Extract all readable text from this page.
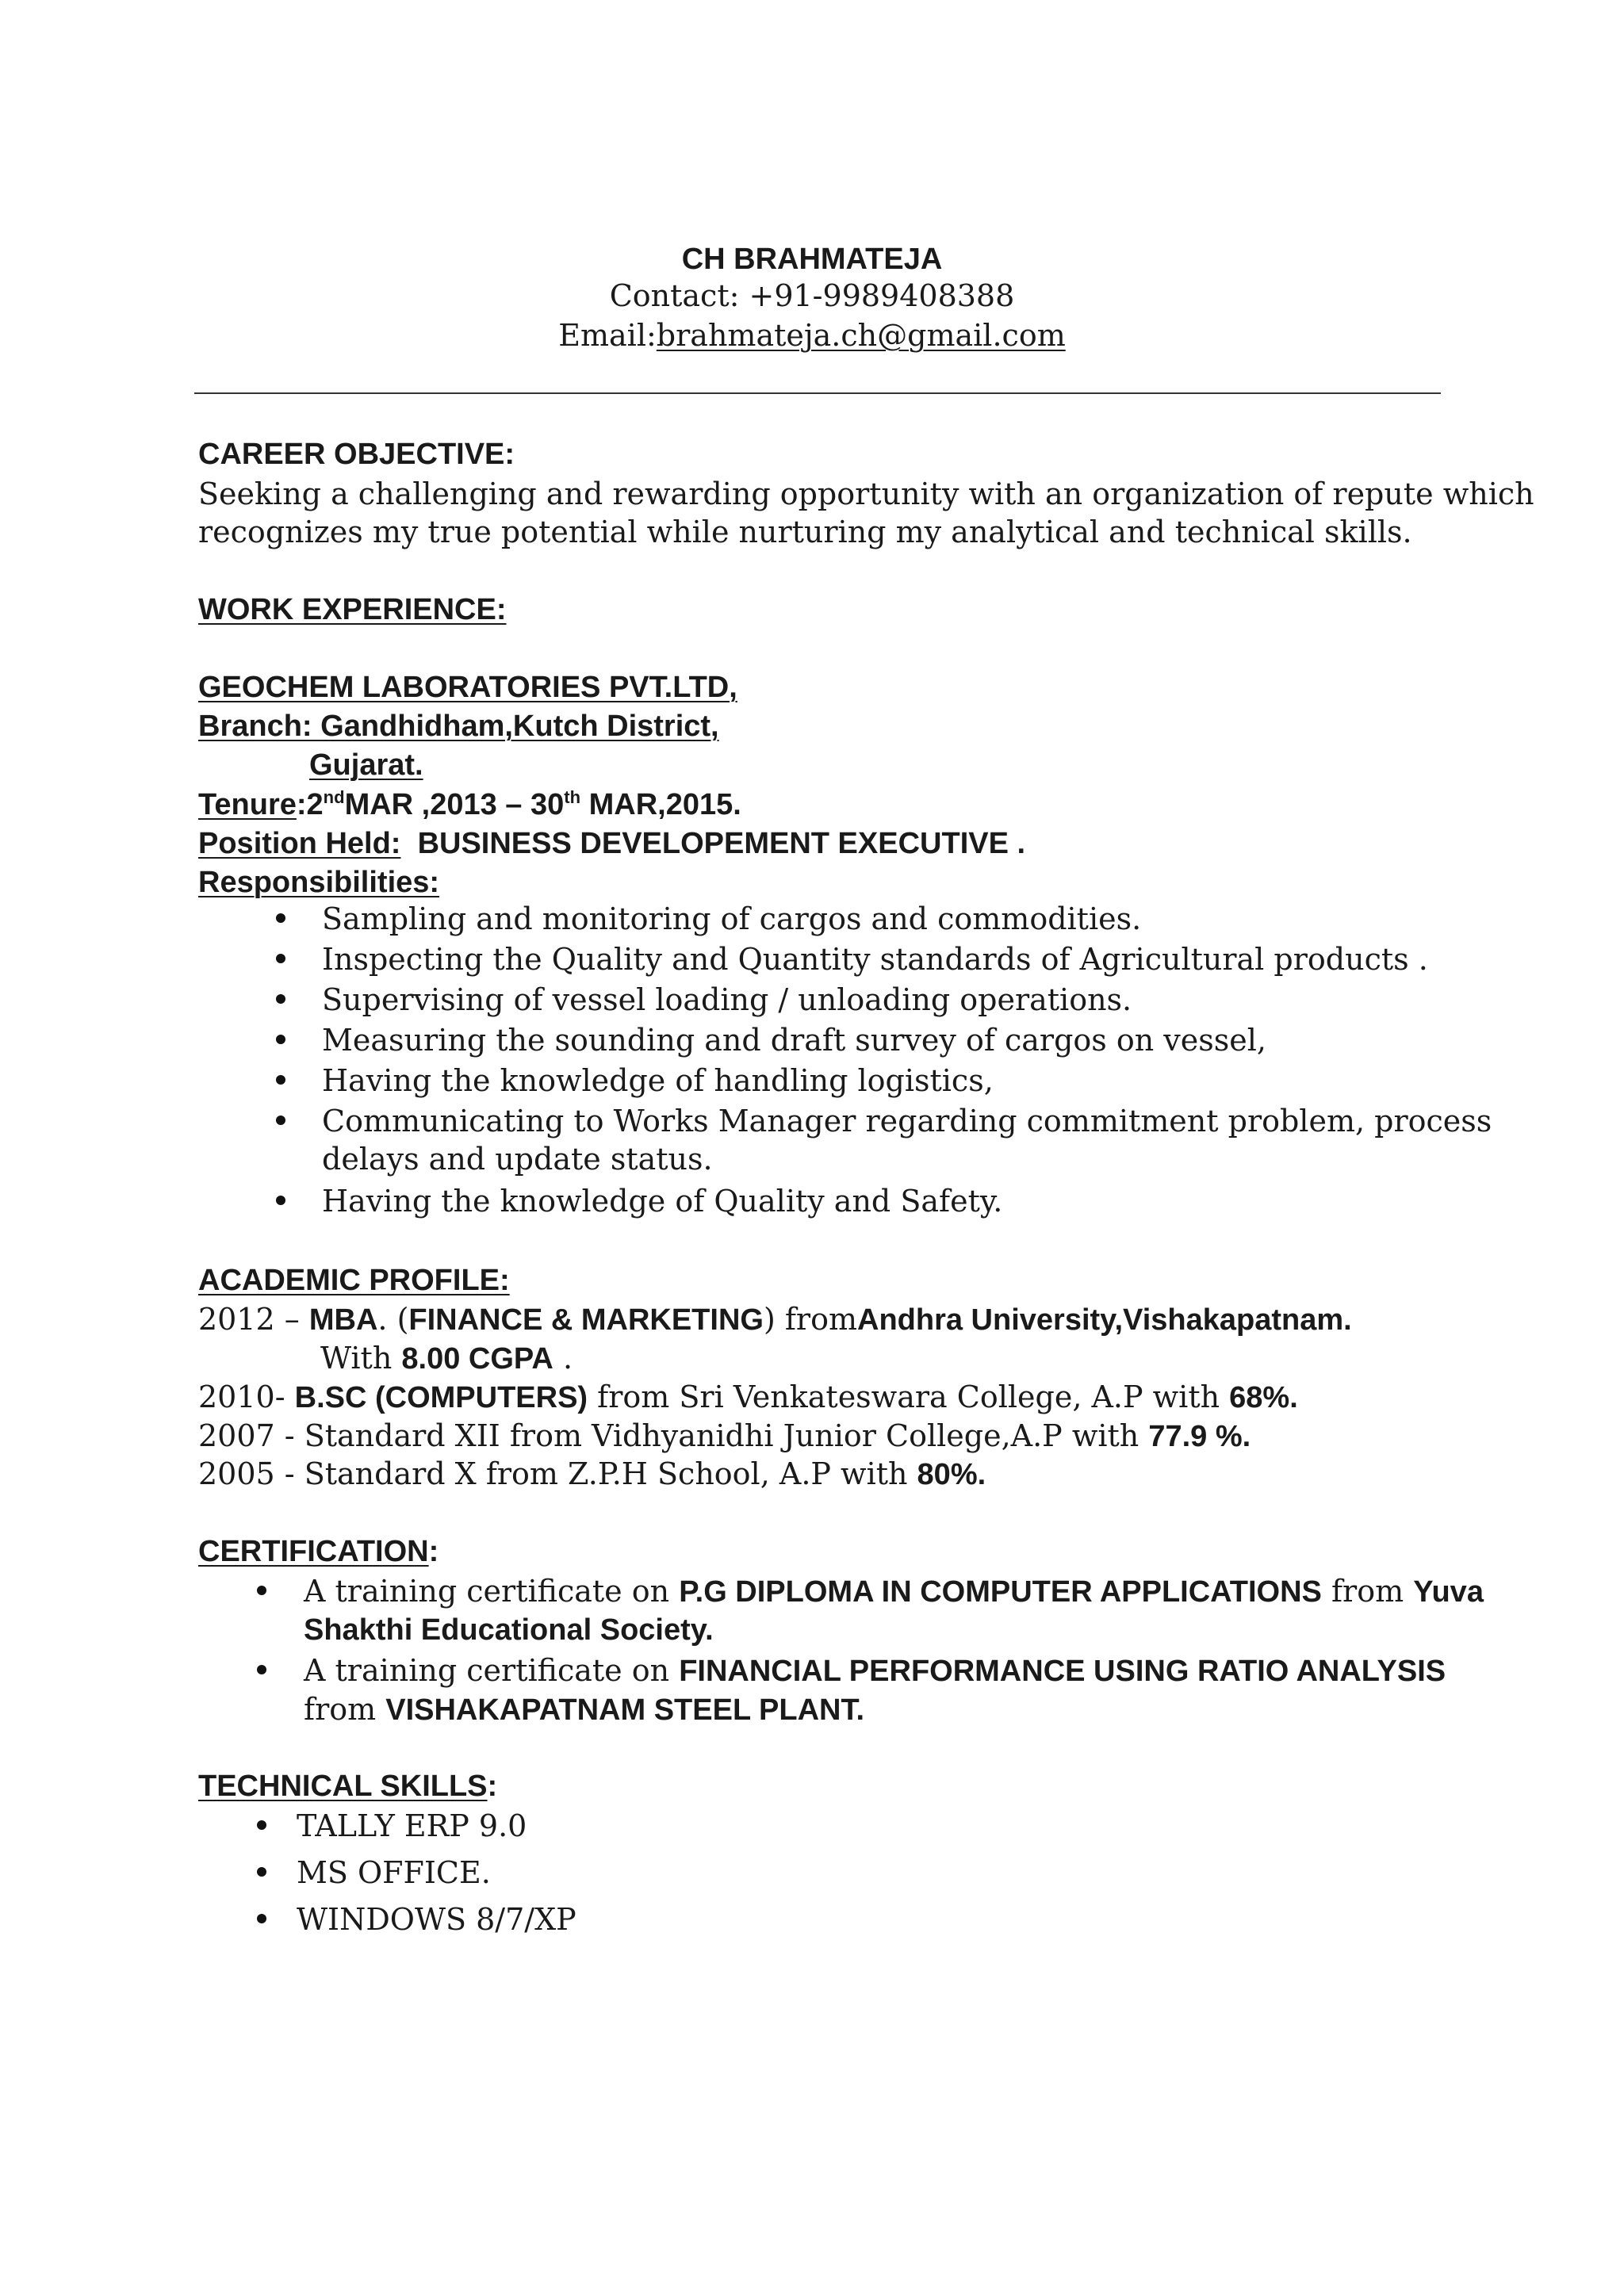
CH BRAHMATEJA
Contact: +91-9989408388
Email:brahmateja.ch@gmail.com
CAREER OBJECTIVE:
Seeking a challenging and rewarding opportunity with an organization of repute which
recognizes my true potential while nurturing my analytical and technical skills.
WORK EXPERIENCE:
GEOCHEM LABORATORIES PVT.LTD,
Branch: Gandhidham,Kutch District,
Gujarat.
Tenure:2ndMAR ,2013 – 30th MAR,2015.
Position Held: BUSINESS DEVELOPEMENT EXECUTIVE .
Responsibilities:
Sampling and monitoring of cargos and commodities.
Inspecting the Quality and Quantity standards of Agricultural products .
Supervising of vessel loading / unloading operations.
Measuring the sounding and draft survey of cargos on vessel,
Having the knowledge of handling logistics,
Communicating to Works Manager regarding commitment problem, process
delays and update status.
Having the knowledge of Quality and Safety.
ACADEMIC PROFILE:
2012 – MBA. (FINANCE & MARKETING) fromAndhra University,Vishakapatnam.
With 8.00 CGPA .
2010- B.SC (COMPUTERS) from Sri Venkateswara College, A.P with 68%.
2007 - Standard XII from Vidhyanidhi Junior College,A.P with 77.9 %.
2005 - Standard X from Z.P.H School, A.P with 80%.
CERTIFICATION:
A training certificate on P.G DIPLOMA IN COMPUTER APPLICATIONS from Yuva
Shakthi Educational Society.
A training certificate on FINANCIAL PERFORMANCE USING RATIO ANALYSIS
from VISHAKAPATNAM STEEL PLANT.
TECHNICAL SKILLS:
TALLY ERP 9.0
MS OFFICE.
WINDOWS 8/7/XP
